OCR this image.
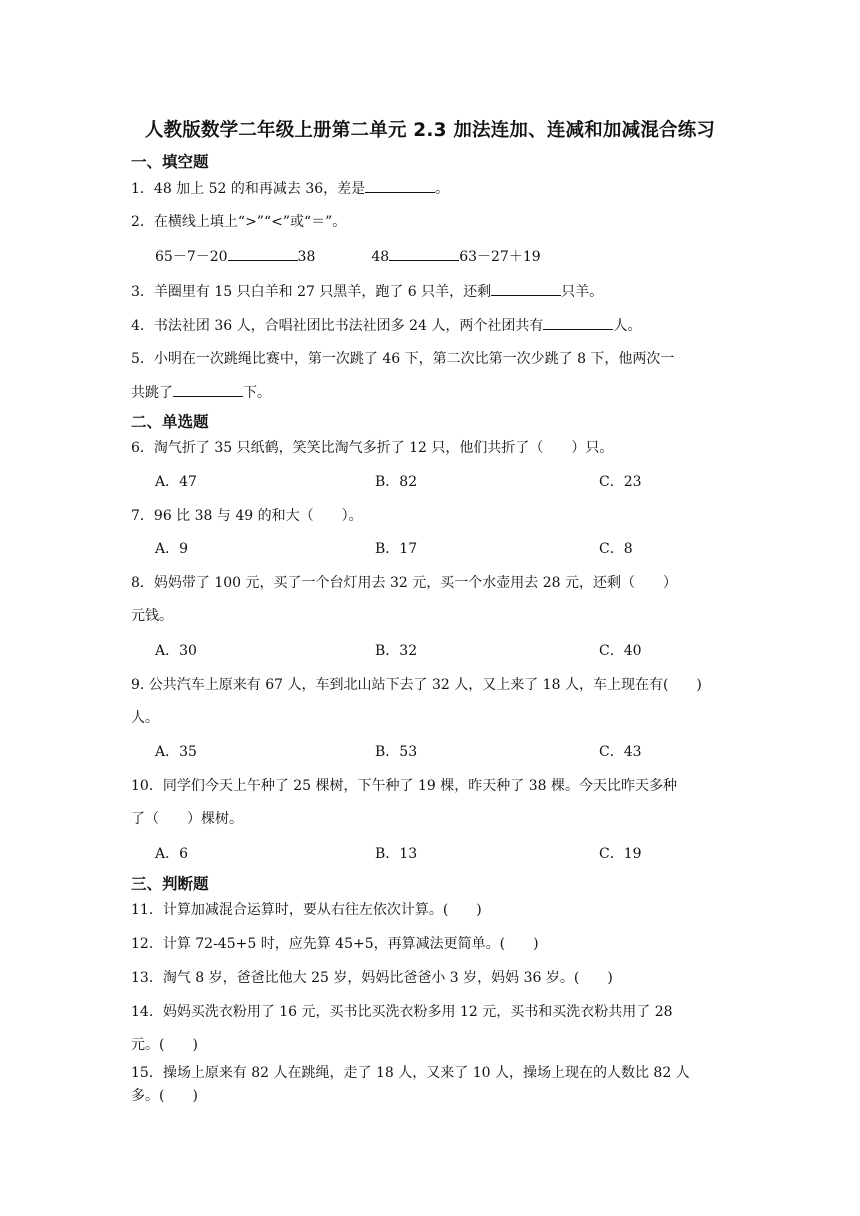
人教版数学二年级上册第二单元 2.3 加法连加、连减和加减混合练习
一、填空题
1．48 加上 52 的和再减去 36，差是	。
2．在横线上填上“>”“<”或“＝”。
65－7－20	38	48	63－27＋19
3．羊圈里有 15 只白羊和 27 只黑羊，跑了 6 只羊，还剩	只羊。
4．书法社团 36 人，合唱社团比书法社团多 24 人，两个社团共有	人。
5．小明在一次跳绳比赛中，第一次跳了 46 下，第二次比第一次少跳了 8 下，他两次一
共跳了	下。
二、单选题
6．淘气折了 35 只纸鹤，笑笑比淘气多折了 12 只，他们共折了（　　）只。
A．47	B．82	C．23
7．96 比 38 与 49 的和大（　　）。
A．9	B．17	C．8
8．妈妈带了 100 元，买了一个台灯用去 32 元，买一个水壶用去 28 元，还剩（　　）
元钱。
A．30	B．32	C．40
9. 公共汽车上原来有 67 人，车到北山站下去了 32 人，又上来了 18 人，车上现在有(　　)
人。
A．35	B．53	C．43
10．同学们今天上午种了 25 棵树，下午种了 19 棵，昨天种了 38 棵。今天比昨天多种
了（　　）棵树。
A．6	B．13	C．19
三、判断题
11．计算加减混合运算时，要从右往左依次计算。(　　)
12．计算 72-45+5 时，应先算 45+5，再算减法更简单。(　　)
13．淘气 8 岁，爸爸比他大 25 岁，妈妈比爸爸小 3 岁，妈妈 36 岁。(　　)
14．妈妈买洗衣粉用了 16 元，买书比买洗衣粉多用 12 元，买书和买洗衣粉共用了 28
元。(　　)
15．操场上原来有 82 人在跳绳，走了 18 人，又来了 10 人，操场上现在的人数比 82 人
多。(　　)
